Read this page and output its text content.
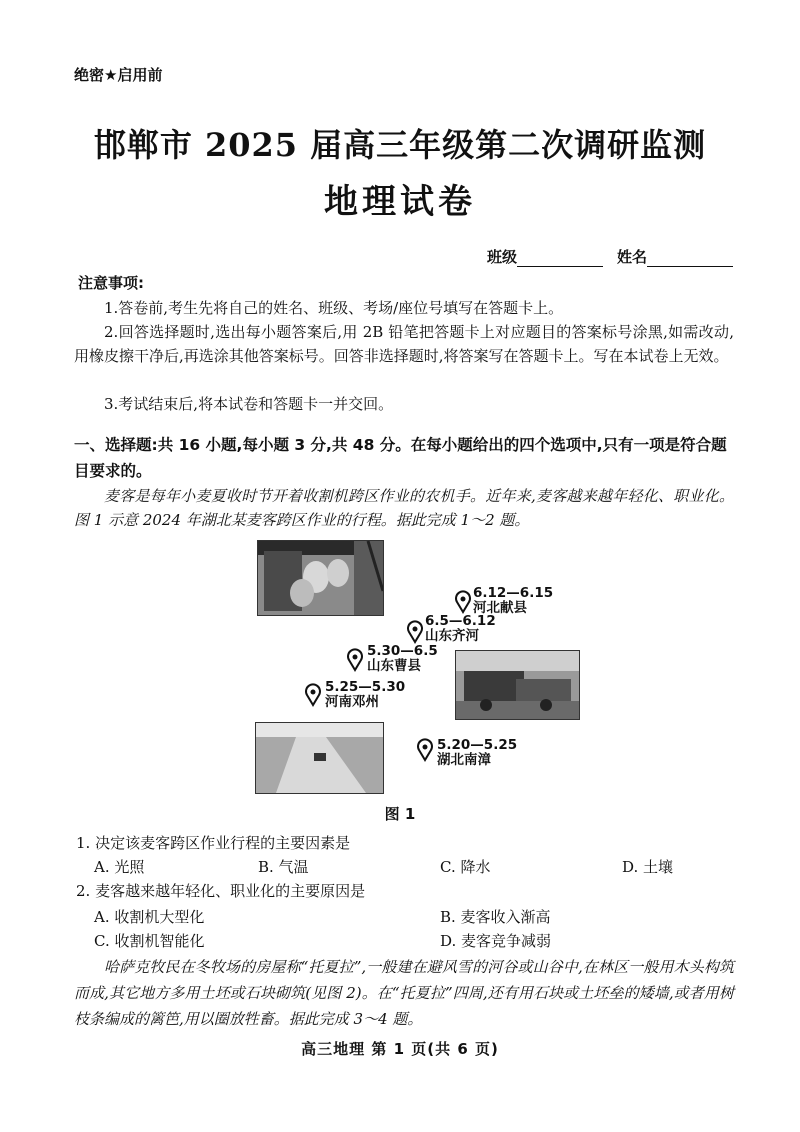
绝密★启用前
邯郸市 2025 届高三年级第二次调研监测
地理试卷
班级	姓名
注意事项:
1.答卷前,考生先将自己的姓名、班级、考场/座位号填写在答题卡上。
2.回答选择题时,选出每小题答案后,用 2B 铅笔把答题卡上对应题目的答案标号涂黑,如需改动,用橡皮擦干净后,再选涂其他答案标号。回答非选择题时,将答案写在答题卡上。写在本试卷上无效。
3.考试结束后,将本试卷和答题卡一并交回。
一、选择题:共 16 小题,每小题 3 分,共 48 分。在每小题给出的四个选项中,只有一项是符合题目要求的。
麦客是每年小麦夏收时节开着收割机跨区作业的农机手。近年来,麦客越来越年轻化、职业化。图 1 示意 2024 年湖北某麦客跨区作业的行程。据此完成 1～2 题。
6.12—6.15
河北献县
6.5—6.12
山东齐河
5.30—6.5
山东曹县
5.25—5.30
河南邓州
5.20—5.25
湖北南漳
图 1
1. 决定该麦客跨区作业行程的主要因素是
A. 光照	B. 气温	C. 降水	D. 土壤
2. 麦客越来越年轻化、职业化的主要原因是
A. 收割机大型化	B. 麦客收入渐高
C. 收割机智能化	D. 麦客竞争减弱
哈萨克牧民在冬牧场的房屋称“托夏拉”,一般建在避风雪的河谷或山谷中,在林区一般用木头构筑而成,其它地方多用土坯或石块砌筑(见图 2)。在“托夏拉”四周,还有用石块或土坯垒的矮墙,或者用树枝条编成的篱笆,用以圈放牲畜。据此完成 3～4 题。
高三地理 第 1 页(共 6 页)
